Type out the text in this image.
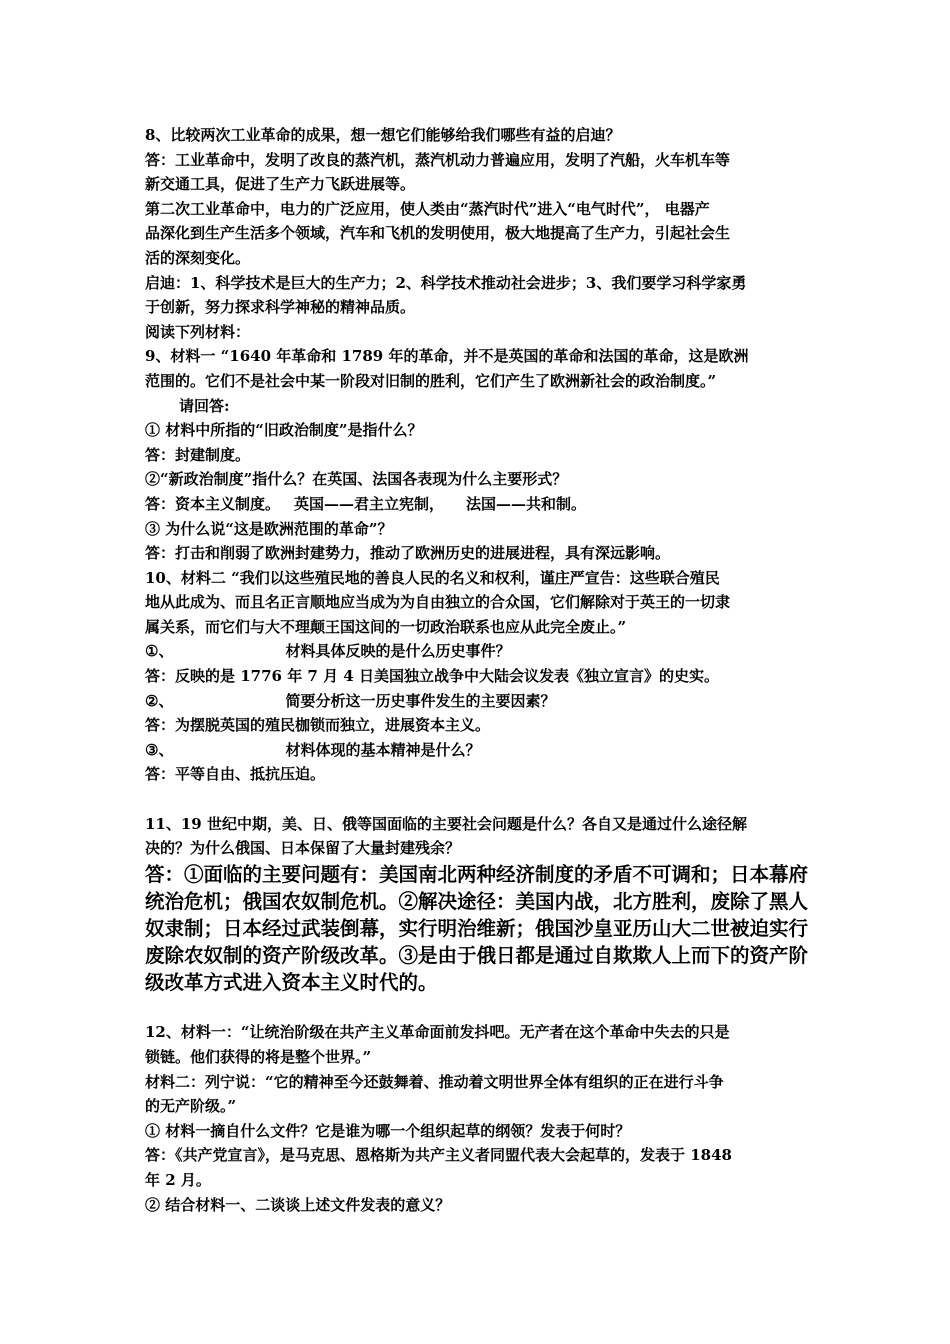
8、比较两次工业革命的成果，想一想它们能够给我们哪些有益的启迪？
答：工业革命中，发明了改良的蒸汽机，蒸汽机动力普遍应用，发明了汽船，火车机车等
新交通工具，促进了生产力飞跃进展等。
第二次工业革命中，电力的广泛应用，使人类由“蒸汽时代”进入“电气时代”， 电器产
品深化到生产生活多个领域，汽车和飞机的发明使用，极大地提高了生产力，引起社会生
活的深刻变化。
启迪：1、科学技术是巨大的生产力；2、科学技术推动社会进步；3、我们要学习科学家勇
于创新，努力探求科学神秘的精神品质。
阅读下列材料：
9、材料一 “1640 年革命和 1789 年的革命，并不是英国的革命和法国的革命，这是欧洲
范围的。它们不是社会中某一阶段对旧制的胜利，它们产生了欧洲新社会的政治制度。”
请回答:
① 材料中所指的“旧政治制度”是指什么？
答：封建制度。
②“新政治制度”指什么？在英国、法国各表现为什么主要形式？
答：资本主义制度。 英国——君主立宪制， 法国——共和制。
③ 为什么说“这是欧洲范围的革命”？
答：打击和削弱了欧洲封建势力，推动了欧洲历史的进展进程，具有深远影响。
10、材料二 “我们以这些殖民地的善良人民的名义和权利，谨庄严宣告：这些联合殖民
地从此成为、而且名正言顺地应当成为为自由独立的合众国，它们解除对于英王的一切隶
属关系，而它们与大不理颠王国这间的一切政治联系也应从此完全废止。”
①、	材料具体反映的是什么历史事件？
答：反映的是 1776 年 7 月 4 日美国独立战争中大陆会议发表《独立宣言》的史实。
②、	简要分析这一历史事件发生的主要因素？
答：为摆脱英国的殖民枷锁而独立，进展资本主义。
③、	材料体现的基本精神是什么？
答：平等自由、抵抗压迫。
11、19 世纪中期，美、日、俄等国面临的主要社会问题是什么？各自又是通过什么途径解
决的？为什么俄国、日本保留了大量封建残余？
答：①面临的主要问题有：美国南北两种经济制度的矛盾不可调和；日本幕府
统治危机；俄国农奴制危机。②解决途径：美国内战，北方胜利，废除了黑人
奴隶制；日本经过武装倒幕，实行明治维新；俄国沙皇亚历山大二世被迫实行
废除农奴制的资产阶级改革。③是由于俄日都是通过自欺欺人上而下的资产阶
级改革方式进入资本主义时代的。
12、材料一：“让统治阶级在共产主义革命面前发抖吧。无产者在这个革命中失去的只是
锁链。他们获得的将是整个世界。”
材料二：列宁说：“它的精神至今还鼓舞着、推动着文明世界全体有组织的正在进行斗争
的无产阶级。”
① 材料一摘自什么文件？它是谁为哪一个组织起草的纲领？发表于何时？
答：《共产党宣言》，是马克思、恩格斯为共产主义者同盟代表大会起草的，发表于 1848
年 2 月。
② 结合材料一、二谈谈上述文件发表的意义？
